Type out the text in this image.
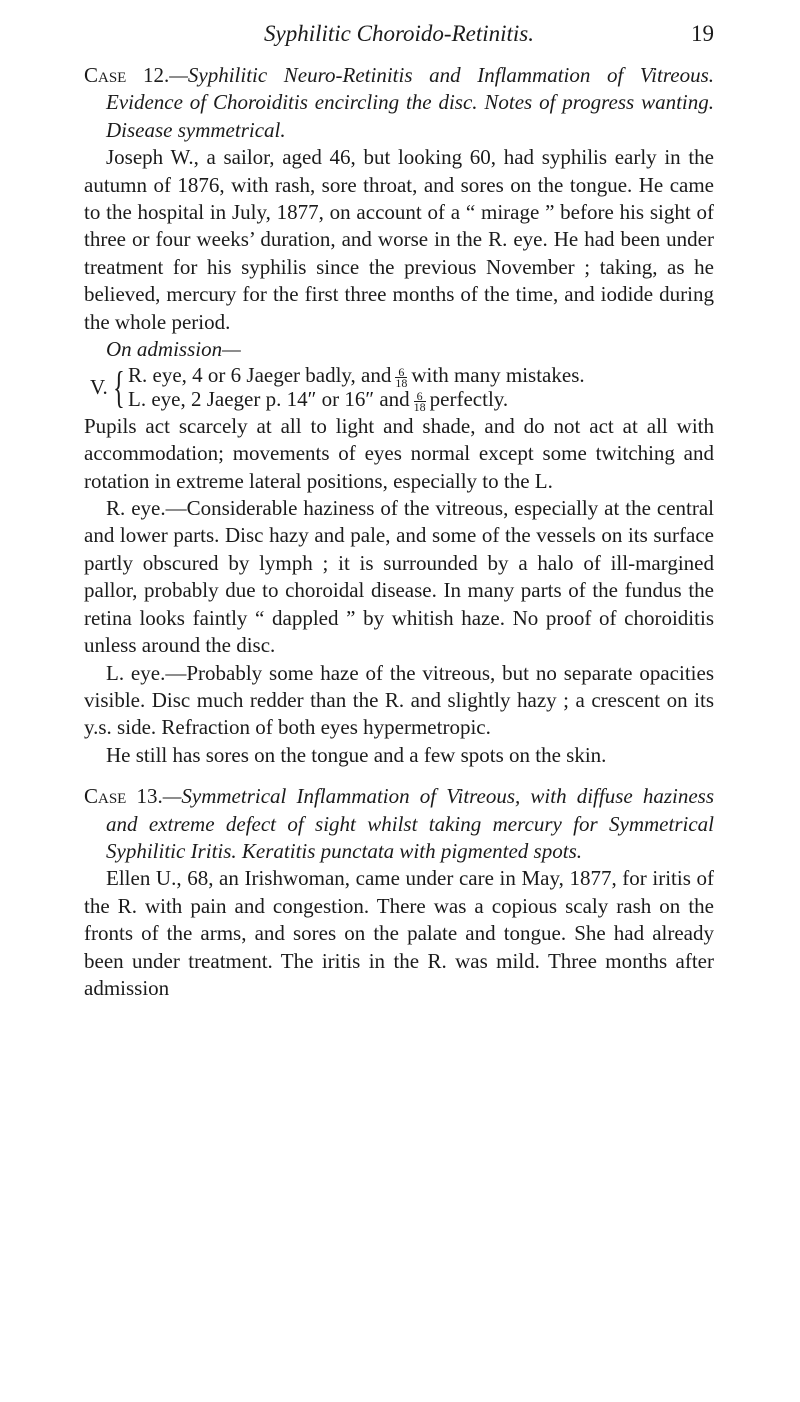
Syphilitic Choroido-Retinitis.	19

Case 12.—Syphilitic Neuro-Retinitis and Inflammation of Vitreous. Evidence of Choroiditis encircling the disc. Notes of progress wanting. Disease symmetrical.

Joseph W., a sailor, aged 46, but looking 60, had syphilis early in the autumn of 1876, with rash, sore throat, and sores on the tongue. He came to the hospital in July, 1877, on account of a “ mirage ” before his sight of three or four weeks’ duration, and worse in the R. eye. He had been under treatment for his syphilis since the previous November ; taking, as he believed, mercury for the first three months of the time, and iodide during the whole period.

On admission—

V. { R. eye, 4 or 6 Jaeger badly, and $\frac{6}{18}$ with many mistakes.
L. eye, 2 Jaeger p. 14″ or 16″ and $\frac{6}{18}$ perfectly.

Pupils act scarcely at all to light and shade, and do not act at all with accommodation; movements of eyes normal except some twitching and rotation in extreme lateral positions, especially to the L.

R. eye.—Considerable haziness of the vitreous, especially at the central and lower parts. Disc hazy and pale, and some of the vessels on its surface partly obscured by lymph ; it is surrounded by a halo of ill-margined pallor, probably due to choroidal disease. In many parts of the fundus the retina looks faintly “ dappled ” by whitish haze. No proof of choroiditis unless around the disc.

L. eye.—Probably some haze of the vitreous, but no separate opacities visible. Disc much redder than the R. and slightly hazy ; a crescent on its y.s. side. Refraction of both eyes hypermetropic.

He still has sores on the tongue and a few spots on the skin.

Case 13.—Symmetrical Inflammation of Vitreous, with diffuse haziness and extreme defect of sight whilst taking mercury for Symmetrical Syphilitic Iritis. Keratitis punctata with pigmented spots.

Ellen U., 68, an Irishwoman, came under care in May, 1877, for iritis of the R. with pain and congestion. There was a copious scaly rash on the fronts of the arms, and sores on the palate and tongue. She had already been under treatment. The iritis in the R. was mild. Three months after admission
